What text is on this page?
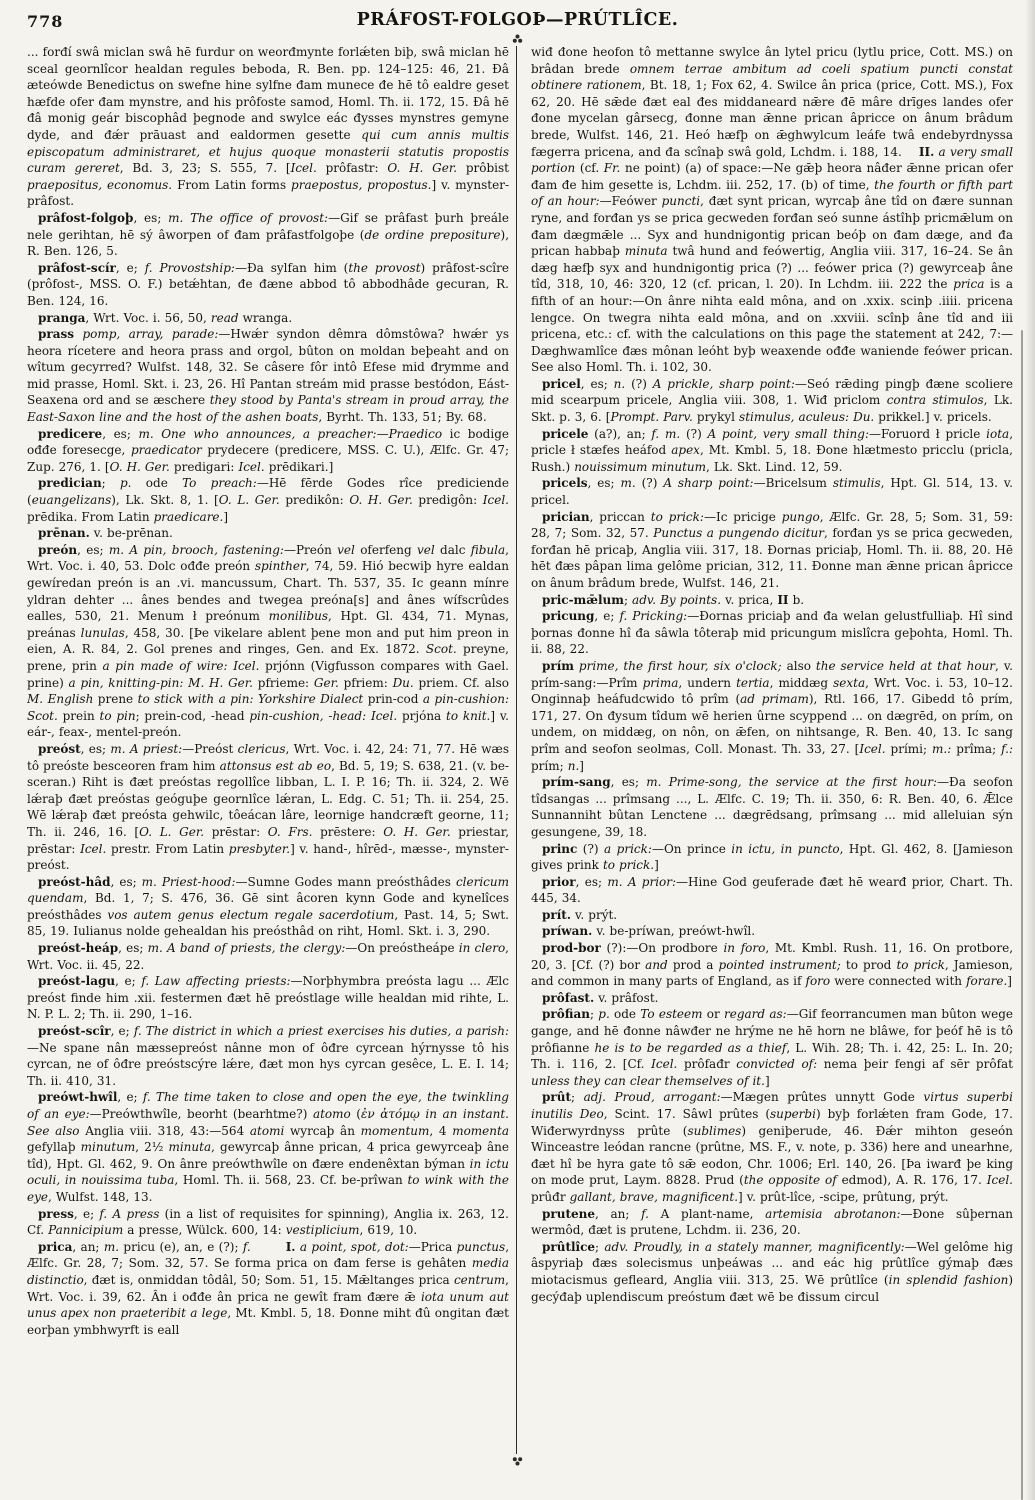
778	PRÁFOST-FOLGOÞ—PRÚTLÎCE.

... forđí swâ miclan swâ hē furdur on weorđmynte forlǽten biþ, swâ miclan hē sceal geornlîcor healdan regules beboda, R. Ben. pp. 124–125: 46, 21. Đâ æteówde Benedictus on swefne hine sylfne đam munece đe hē tô ealdre geset hæfde ofer đam mynstre, and his prôfoste samod, Homl. Th. ii. 172, 15. Đâ hē đâ monig geár biscophâd þegnode and swylce eác đysses mynstres gemyne dyde, and đǽr prāuast and ealdormen gesette qui cum annis multis episcopatum administraret, et hujus quoque monasterii statutis propostis curam gereret, Bd. 3, 23; S. 555, 7. [Icel. prôfastr: O. H. Ger. prôbist praepositus, economus. From Latin forms praepostus, propostus.] v. mynster-prâfost.

prâfost-folgoþ, es; m. The office of provost:—Gif se prâfast þurh þreále nele gerihtan, hē sý âworpen of đam prâfastfolgoþe (de ordine prepositure), R. Ben. 126, 5.

prâfost-scír, e; f. Provostship:—Đa sylfan him (the provost) prâfost-scîre (prôfost-, MSS. O. F.) betǽhtan, đe đæne abbod tô abbodhâde gecuran, R. Ben. 124, 16.

pranga, Wrt. Voc. i. 56, 50, read wranga.

prass pomp, array, parade:—Hwǽr syndon dêmra dômstôwa? hwǽr ys heora rícetere and heora prass and orgol, bûton on moldan beþeaht and on wîtum gecyrred? Wulfst. 148, 32. Se câsere fôr intô Efese mid đrymme and mid prasse, Homl. Skt. i. 23, 26. Hî Pantan streám mid prasse bestódon, Eást-Seaxena ord and se æschere they stood by Panta's stream in proud array, the East-Saxon line and the host of the ashen boats, Byrht. Th. 133, 51; By. 68.

predicere, es; m. One who announces, a preacher:—Praedico ic bodige ođđe foresecge, praedicator prydecere (predicere, MSS. C. U.), Ælfc. Gr. 47; Zup. 276, 1. [O. H. Ger. predigari: Icel. prēdikari.]

predician; p. ode To preach:—Hē fērde Godes rîce prediciende (euangelizans), Lk. Skt. 8, 1. [O. L. Ger. predikôn: O. H. Ger. predigôn: Icel. prēdika. From Latin praedicare.]

prēnan. v. be-prēnan.

preón, es; m. A pin, brooch, fastening:—Preón vel oferfeng vel dalc fibula, Wrt. Voc. i. 40, 53. Dolc ođđe preón spinther, 74, 59. Hió becwiþ hyre ealdan gewíredan preón is an .vi. mancussum, Chart. Th. 537, 35. Ic geann mínre yldran dehter ... ânes bendes and twegea preóna[s] and ânes wífscrûdes ealles, 530, 21. Menum ł preónum monilibus, Hpt. Gl. 434, 71. Mynas, preánas lunulas, 458, 30. [Þe vikelare ablent þene mon and put him preon in eien, A. R. 84, 2. Gol prenes and ringes, Gen. and Ex. 1872. Scot. preyne, prene, prin a pin made of wire: Icel. prjónn (Vigfusson compares with Gael. prine) a pin, knitting-pin: M. H. Ger. pfrieme: Ger. pfriem: Du. priem. Cf. also M. English prene to stick with a pin: Yorkshire Dialect prin-cod a pin-cushion: Scot. prein to pin; prein-cod, -head pin-cushion, -head: Icel. prjóna to knit.] v. eár-, feax-, mentel-preón.

preóst, es; m. A priest:—Preóst clericus, Wrt. Voc. i. 42, 24: 71, 77. Hē wæs tô preóste besceoren fram him attonsus est ab eo, Bd. 5, 19; S. 638, 21. (v. be-sceran.) Riht is đæt preóstas regollîce libban, L. I. P. 16; Th. ii. 324, 2. Wē lǽraþ đæt preóstas geóguþe geornlîce lǽran, L. Edg. C. 51; Th. ii. 254, 25. Wē lǽraþ đæt preósta gehwilc, tôeácan lâre, leornige handcræft georne, 11; Th. ii. 246, 16. [O. L. Ger. prēstar: O. Frs. prēstere: O. H. Ger. priestar, prēstar: Icel. prestr. From Latin presbyter.] v. hand-, hîrēd-, mæsse-, mynster-preóst.

preóst-hâd, es; m. Priest-hood:—Sumne Godes mann preósthâdes clericum quendam, Bd. 1, 7; S. 476, 36. Gē sint âcoren kynn Gode and kynelîces preósthâdes vos autem genus electum regale sacerdotium, Past. 14, 5; Swt. 85, 19. Iulianus nolde gehealdan his preósthâd on riht, Homl. Skt. i. 3, 290.

preóst-heáp, es; m. A band of priests, the clergy:—On preóstheápe in clero, Wrt. Voc. ii. 45, 22.

preóst-lagu, e; f. Law affecting priests:—Norþhymbra preósta lagu ... Ælc preóst finde him .xii. festermen đæt hē preóstlage wille healdan mid rihte, L. N. P. L. 2; Th. ii. 290, 1–16.

preóst-scîr, e; f. The district in which a priest exercises his duties, a parish:—Ne spane nân mæssepreóst nânne mon of ôđre cyrcean hýrnysse tô his cyrcan, ne of ôđre preóstscýre lǽre, đæt mon hys cyrcan gesêce, L. E. I. 14; Th. ii. 410, 31.

preówt-hwîl, e; f. The time taken to close and open the eye, the twinkling of an eye:—Preówthwîle, beorht (bearhtme?) atomo (ἐν ἀτόμῳ in an instant. See also Anglia viii. 318, 43:—564 atomi wyrcaþ ân momentum, 4 momenta gefyllaþ minutum, 2½ minuta, gewyrcaþ ânne prican, 4 prica gewyrceaþ âne tîd), Hpt. Gl. 462, 9. On ânre preówthwîle on đære endenêxtan býman in ictu oculi, in nouissima tuba, Homl. Th. ii. 568, 23. Cf. be-prîwan to wink with the eye, Wulfst. 148, 13.

press, e; f. A press (in a list of requisites for spinning), Anglia ix. 263, 12. Cf. Pannicipium a presse, Wülck. 600, 14: vestiplicium, 619, 10.

prica, an; m. pricu (e), an, e (?); f.	I. a point, spot, dot:—Prica punctus, Ælfc. Gr. 28, 7; Som. 32, 57. Se forma prica on đam ferse is gehâten media distinctio, đæt is, onmiddan tôdâl, 50; Som. 51, 15. Mǣltanges prica centrum, Wrt. Voc. i. 39, 62. Ân i ođđe ân prica ne gewît fram đære ǣ iota unum aut unus apex non praeteribit a lege, Mt. Kmbl. 5, 18. Đonne miht đû ongitan đæt eorþan ymbhwyrft is eall

wiđ đone heofon tô mettanne swylce ân lytel pricu (lytlu price, Cott. MS.) on brâdan brede omnem terrae ambitum ad coeli spatium puncti constat obtinere rationem, Bt. 18, 1; Fox 62, 4. Swilce ân prica (price, Cott. MS.), Fox 62, 20. Hē sǣde đæt eal đes middaneard nǣre đē mâre drīges landes ofer đone mycelan gârsecg, đonne man ǣnne prican âpricce on ânum brâdum brede, Wulfst. 146, 21. Heó hæfþ on ǣghwylcum leáfe twâ endebyrdnyssa fægerra pricena, and đa scînaþ swâ gold, Lchdm. i. 188, 14.    II. a very small portion (cf. Fr. ne point) (a) of space:—Ne gǣþ heora nâđer ǣnne prican ofer đam đe him gesette is, Lchdm. iii. 252, 17. (b) of time, the fourth or fifth part of an hour:—Feówer puncti, đæt synt prican, wyrcaþ âne tîd on đære sunnan ryne, and forđan ys se prica gecweden forđan seó sunne ástîhþ pricmǣlum on đam dægmǣle ... Syx and hundnigontig prican beóþ on đam dæge, and đa prican habbaþ minuta twâ hund and feówertig, Anglia viii. 317, 16–24. Se ân dæg hæfþ syx and hundnigontig prica (?) ... feówer prica (?) gewyrceaþ âne tîd, 318, 10, 46: 320, 12 (cf. prican, l. 20). In Lchdm. iii. 222 the prica is a fifth of an hour:—On ânre nihta eald môna, and on .xxix. scinþ .iiii. pricena lengce. On twegra nihta eald môna, and on .xxviii. scînþ âne tîd and iii pricena, etc.: cf. with the calculations on this page the statement at 242, 7:—Dæghwamlîce đæs mônan leóht byþ weaxende ođđe waniende feówer prican. See also Homl. Th. i. 102, 30.

pricel, es; n. (?) A prickle, sharp point:—Seó rǣding pingþ đæne scoliere mid scearpum pricele, Anglia viii. 308, 1. Wiđ priclom contra stimulos, Lk. Skt. p. 3, 6. [Prompt. Parv. prykyl stimulus, aculeus: Du. prikkel.] v. pricels.

pricele (a?), an; f. m. (?) A point, very small thing:—Foruord ł pricle iota, pricle ł stæfes heáfod apex, Mt. Kmbl. 5, 18. Đone hlætmesto pricclu (pricla, Rush.) nouissimum minutum, Lk. Skt. Lind. 12, 59.

pricels, es; m. (?) A sharp point:—Bricelsum stimulis, Hpt. Gl. 514, 13. v. pricel.

prician, priccan to prick:—Ic pricige pungo, Ælfc. Gr. 28, 5; Som. 31, 59: 28, 7; Som. 32, 57. Punctus a pungendo dicitur, forđan ys se prica gecweden, forđan hē pricaþ, Anglia viii. 317, 18. Đornas priciaþ, Homl. Th. ii. 88, 20. Hē hēt đæs pâpan lima gelôme prician, 312, 11. Đonne man ǣnne prican âpricce on ânum brâdum brede, Wulfst. 146, 21.

pric-mǣlum; adv. By points. v. prica, II b.

pricung, e; f. Pricking:—Đornas priciaþ and đa welan gelustfulliaþ. Hî sind þornas đonne hî đa sâwla tôteraþ mid pricungum mislîcra geþohta, Homl. Th. ii. 88, 22.

prím prime, the first hour, six o'clock; also the service held at that hour, v. prím-sang:—Prîm prima, undern tertia, middæg sexta, Wrt. Voc. i. 53, 10–12. Onginnaþ heáfudcwido tô prîm (ad primam), Rtl. 166, 17. Gibedd tô prím, 171, 27. On đysum tîdum wē herien ûrne scyppend ... on dægrēd, on prím, on undem, on middæg, on nôn, on ǣfen, on nihtsange, R. Ben. 40, 13. Ic sang prîm and seofon seolmas, Coll. Monast. Th. 33, 27. [Icel. prími; m.: prîma; f.: prím; n.]

prím-sang, es; m. Prime-song, the service at the first hour:—Đa seofon tîdsangas ... prîmsang ..., L. Ælfc. C. 19; Th. ii. 350, 6: R. Ben. 40, 6. Ǣlce Sunnanniht bûtan Lenctene ... dægrēdsang, prîmsang ... mid alleluian sýn gesungene, 39, 18.

princ (?) a prick:—On prince in ictu, in puncto, Hpt. Gl. 462, 8. [Jamieson gives prink to prick.]

prior, es; m. A prior:—Hine God geuferade đæt hē wearđ prior, Chart. Th. 445, 34.

prít. v. prýt.

príwan. v. be-príwan, preówt-hwîl.

prod-bor (?):—On prodbore in foro, Mt. Kmbl. Rush. 11, 16. On protbore, 20, 3. [Cf. (?) bor and prod a pointed instrument; to prod to prick, Jamieson, and common in many parts of England, as if foro were connected with forare.]

prôfast. v. prâfost.

prôfian; p. ode To esteem or regard as:—Gif feorrancumen man bûton wege gange, and hē đonne nâwđer ne hrýme ne hē horn ne blâwe, for þeóf hē is tô prôfianne he is to be regarded as a thief, L. Wih. 28; Th. i. 42, 25: L. In. 20; Th. i. 116, 2. [Cf. Icel. prôfađr convicted of: nema þeir fengi af sēr prôfat unless they can clear themselves of it.]

prût; adj. Proud, arrogant:—Mægen prûtes unnytt Gode virtus superbi inutilis Deo, Scint. 17. Sâwl prûtes (superbi) byþ forlǽten fram Gode, 17. Wiđerwyrdnyss prûte (sublimes) geniþerude, 46. Đǽr mihton geseón Winceastre leódan rancne (prûtne, MS. F., v. note, p. 336) here and unearhne, đæt hî be hyra gate tô sǣ eodon, Chr. 1006; Erl. 140, 26. [Þa iwarđ þe king on mode prut, Laym. 8828. Prud (the opposite of edmod), A. R. 176, 17. Icel. prûđr gallant, brave, magnificent.] v. prût-lîce, -scipe, prûtung, prýt.

prutene, an; f. A plant-name, artemisia abrotanon:—Đone sûþernan wermôd, đæt is prutene, Lchdm. ii. 236, 20.

prûtlîce; adv. Proudly, in a stately manner, magnificently:—Wel gelôme hig âspyriaþ đæs solecismus unþeáwas ... and eác hig prûtlîce gýmaþ đæs miotacismus gefleard, Anglia viii. 313, 25. Wē prûtlîce (in splendid fashion) gecýđaþ uplendiscum preóstum đæt wē be đissum circul
